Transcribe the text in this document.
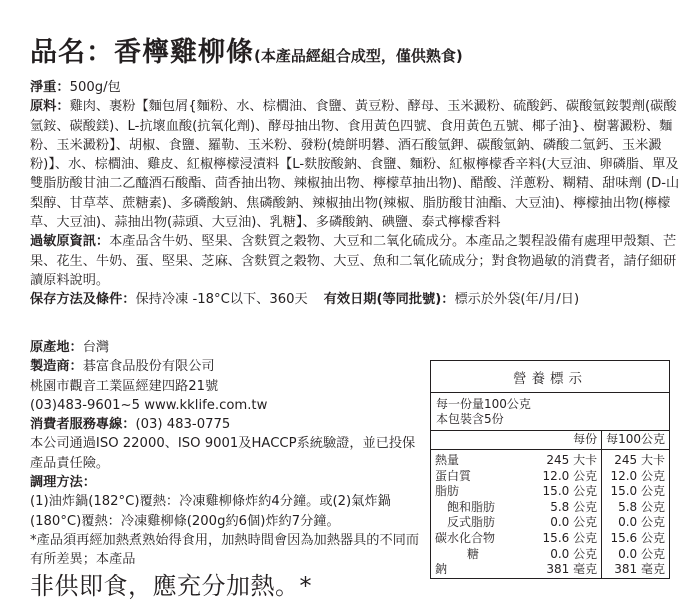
品名：香檸雞柳條(本產品經組合成型，僅供熟食)

淨重：500g/包

原料：雞肉、裹粉【麵包屑{麵粉、水、棕櫚油、食鹽、黃豆粉、酵母、玉米澱粉、硫酸鈣、碳酸氫銨製劑(碳酸氫銨、碳酸鎂)、L-抗壞血酸(抗氧化劑)、酵母抽出物、食用黃色四號、食用黃色五號、椰子油}、樹薯澱粉、麵粉、玉米澱粉】、胡椒、食鹽、羅勒、玉米粉、發粉(燒餅明礬、酒石酸氫鉀、碳酸氫鈉、磷酸二氫鈣、玉米澱粉)】、水、棕櫚油、雞皮、紅椒檸檬浸漬料【L-麩胺酸鈉、食鹽、麵粉、紅椒檸檬香辛料(大豆油、卵磷脂、單及雙脂肪酸甘油二乙醯酒石酸酯、茴香抽出物、辣椒抽出物、檸檬草抽出物)、醋酸、洋蔥粉、糊精、甜味劑 (D-山梨醇、甘草萃、蔗糖素)、多磷酸鈉、焦磷酸鈉、辣椒抽出物(辣椒、脂肪酸甘油酯、大豆油)、檸檬抽出物(檸檬草、大豆油)、蒜抽出物(蒜頭、大豆油)、乳糖】、多磷酸鈉、碘鹽、泰式檸檬香料

過敏原資訊：本產品含牛奶、堅果、含麩質之穀物、大豆和二氧化硫成分。本產品之製程設備有處理甲殼類、芒果、花生、牛奶、蛋、堅果、芝麻、含麩質之穀物、大豆、魚和二氧化硫成分；對食物過敏的消費者，請仔細研讀原料說明。

保存方法及條件：保持冷凍 -18°C以下、360天 有效日期(等同批號)：標示於外袋(年/月/日)

原產地：台灣

製造商：碁富食品股份有限公司

桃園市觀音工業區經建四路21號

(03)483-9601~5 www.kklife.com.tw

消費者服務專線：(03) 483-0775

本公司通過ISO 22000、ISO 9001及HACCP系統驗證，並已投保產品責任險。

調理方法：

(1)油炸鍋(182°C)覆熱：冷凍雞柳條炸約4分鐘。或(2)氣炸鍋(180°C)覆熱：冷凍雞柳條(200g約6個)炸約7分鐘。

*產品須再經加熱煮熟始得食用，加熱時間會因為加熱器具的不同而有所差異；本產品

非供即食，應充分加熱。*

營養標示
每一份量100公克
本包裝含5份
	每份	每100公克
熱量	245 大卡	245 大卡
蛋白質	12.0 公克	12.0 公克
脂肪	15.0 公克	15.0 公克
飽和脂肪	5.8 公克	5.8 公克
反式脂肪	0.0 公克	0.0 公克
碳水化合物	15.6 公克	15.6 公克
糖	0.0 公克	0.0 公克
鈉	381 毫克	381 毫克
